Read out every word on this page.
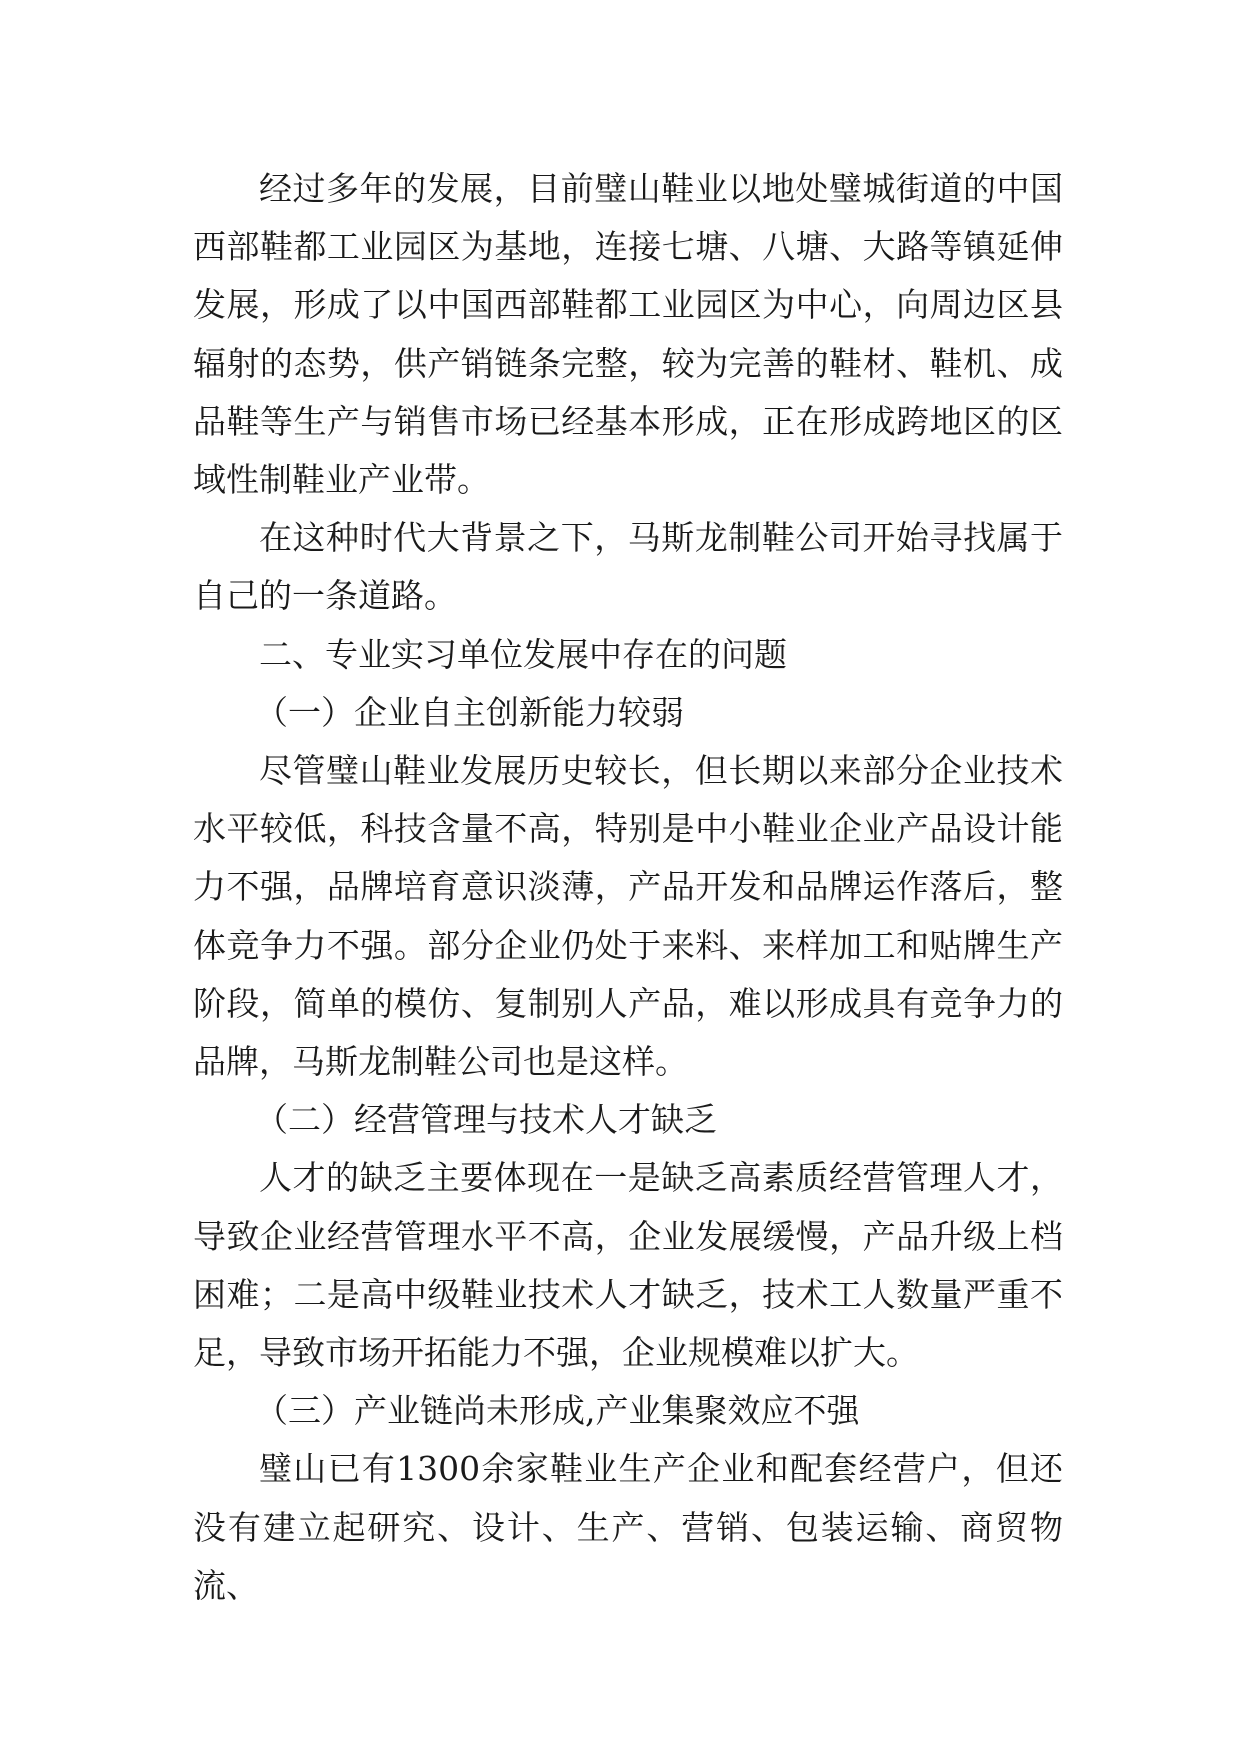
经过多年的发展，目前璧山鞋业以地处璧城街道的中国西部鞋都工业园区为基地，连接七塘、八塘、大路等镇延伸发展，形成了以中国西部鞋都工业园区为中心，向周边区县辐射的态势，供产销链条完整，较为完善的鞋材、鞋机、成品鞋等生产与销售市场已经基本形成，正在形成跨地区的区域性制鞋业产业带。

在这种时代大背景之下，马斯龙制鞋公司开始寻找属于自己的一条道路。

二、专业实习单位发展中存在的问题

（一）企业自主创新能力较弱

尽管璧山鞋业发展历史较长，但长期以来部分企业技术水平较低，科技含量不高，特别是中小鞋业企业产品设计能力不强，品牌培育意识淡薄，产品开发和品牌运作落后，整体竞争力不强。部分企业仍处于来料、来样加工和贴牌生产阶段，简单的模仿、复制别人产品，难以形成具有竞争力的品牌，马斯龙制鞋公司也是这样。

（二）经营管理与技术人才缺乏

人才的缺乏主要体现在一是缺乏高素质经营管理人才，导致企业经营管理水平不高，企业发展缓慢，产品升级上档困难；二是高中级鞋业技术人才缺乏，技术工人数量严重不足，导致市场开拓能力不强，企业规模难以扩大。

（三）产业链尚未形成,产业集聚效应不强

璧山已有1300余家鞋业生产企业和配套经营户，但还没有建立起研究、设计、生产、营销、包装运输、商贸物流、
